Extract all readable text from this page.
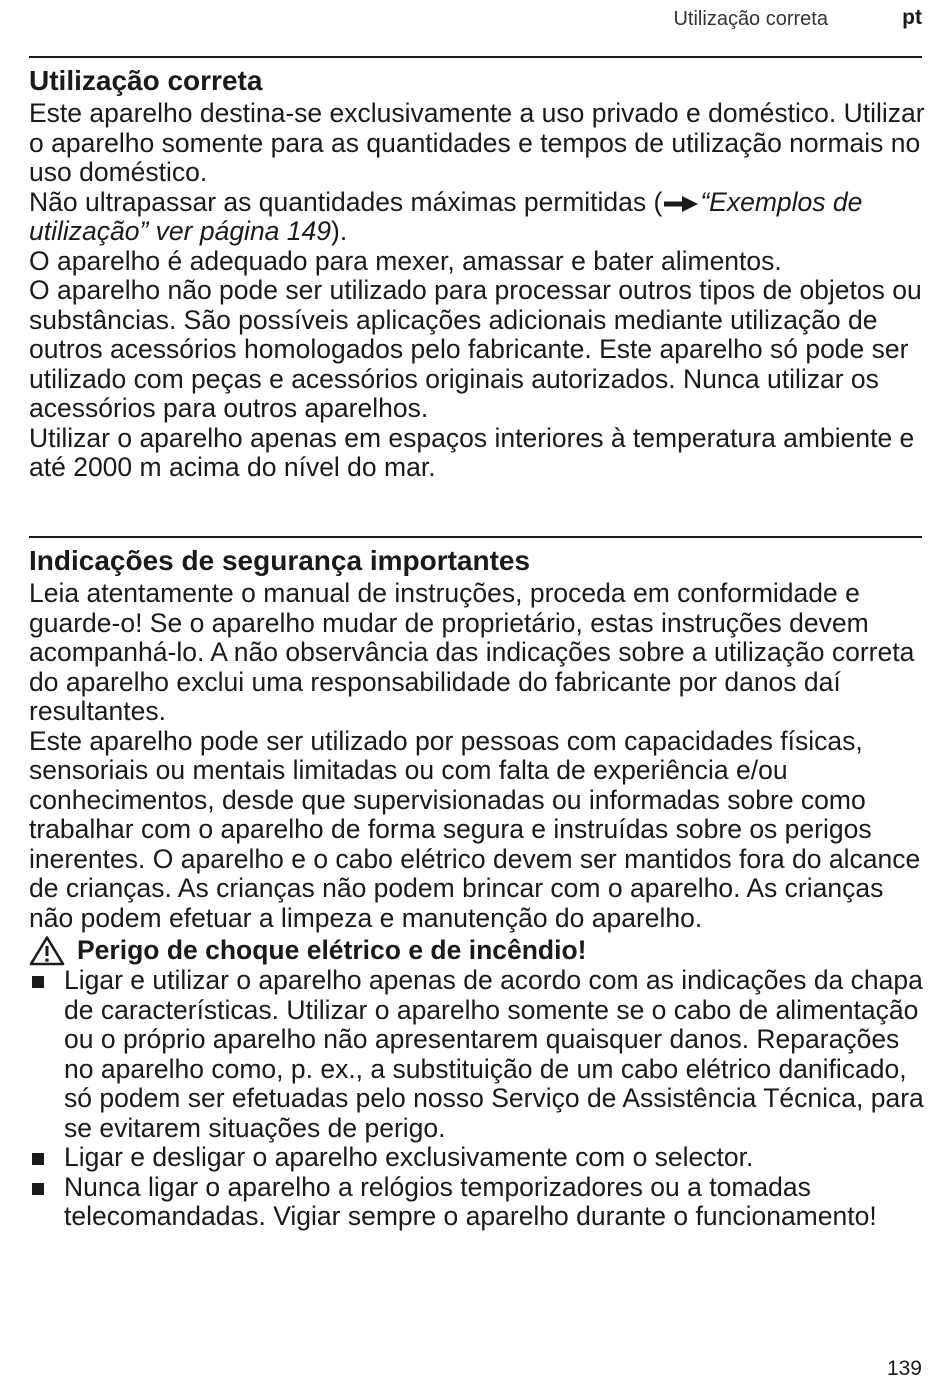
Utilização correta	pt
Utilização correta

Este aparelho destina-se exclusivamente a uso privado e doméstico. Utilizar o aparelho somente para as quantidades e tempos de utilização normais no uso doméstico.

Não ultrapassar as quantidades máximas permitidas ( “Exemplos de utilização” ver página 149).

O aparelho é adequado para mexer, amassar e bater alimentos.

O aparelho não pode ser utilizado para processar outros tipos de objetos ou substâncias. São possíveis aplicações adicionais mediante utilização de outros acessórios homologados pelo fabricante. Este aparelho só pode ser utilizado com peças e acessórios originais autorizados. Nunca utilizar os acessórios para outros aparelhos.

Utilizar o aparelho apenas em espaços interiores à temperatura ambiente e até 2000 m acima do nível do mar.

Indicações de segurança importantes

Leia atentamente o manual de instruções, proceda em conformidade e guarde-o! Se o aparelho mudar de proprietário, estas instruções devem acompanhá-lo. A não observância das indicações sobre a utilização correta do aparelho exclui uma responsabilidade do fabricante por danos daí resultantes.

Este aparelho pode ser utilizado por pessoas com capacidades físicas, sensoriais ou mentais limitadas ou com falta de experiência e/ou conhecimentos, desde que supervisionadas ou informadas sobre como trabalhar com o aparelho de forma segura e instruídas sobre os perigos inerentes. O aparelho e o cabo elétrico devem ser mantidos fora do alcance de crianças. As crianças não podem brincar com o aparelho. As crianças não podem efetuar a limpeza e manutenção do aparelho.

Perigo de choque elétrico e de incêndio!
Ligar e utilizar o aparelho apenas de acordo com as indicações da chapa de características. Utilizar o aparelho somente se o cabo de alimentação ou o próprio aparelho não apresentarem quaisquer danos. Reparações no aparelho como, p. ex., a substituição de um cabo elétrico danificado, só podem ser efetuadas pelo nosso Serviço de Assistência Técnica, para se evitarem situações de perigo.
Ligar e desligar o aparelho exclusivamente com o selector.
Nunca ligar o aparelho a relógios temporizadores ou a tomadas telecomandadas. Vigiar sempre o aparelho durante o funcionamento!
139
